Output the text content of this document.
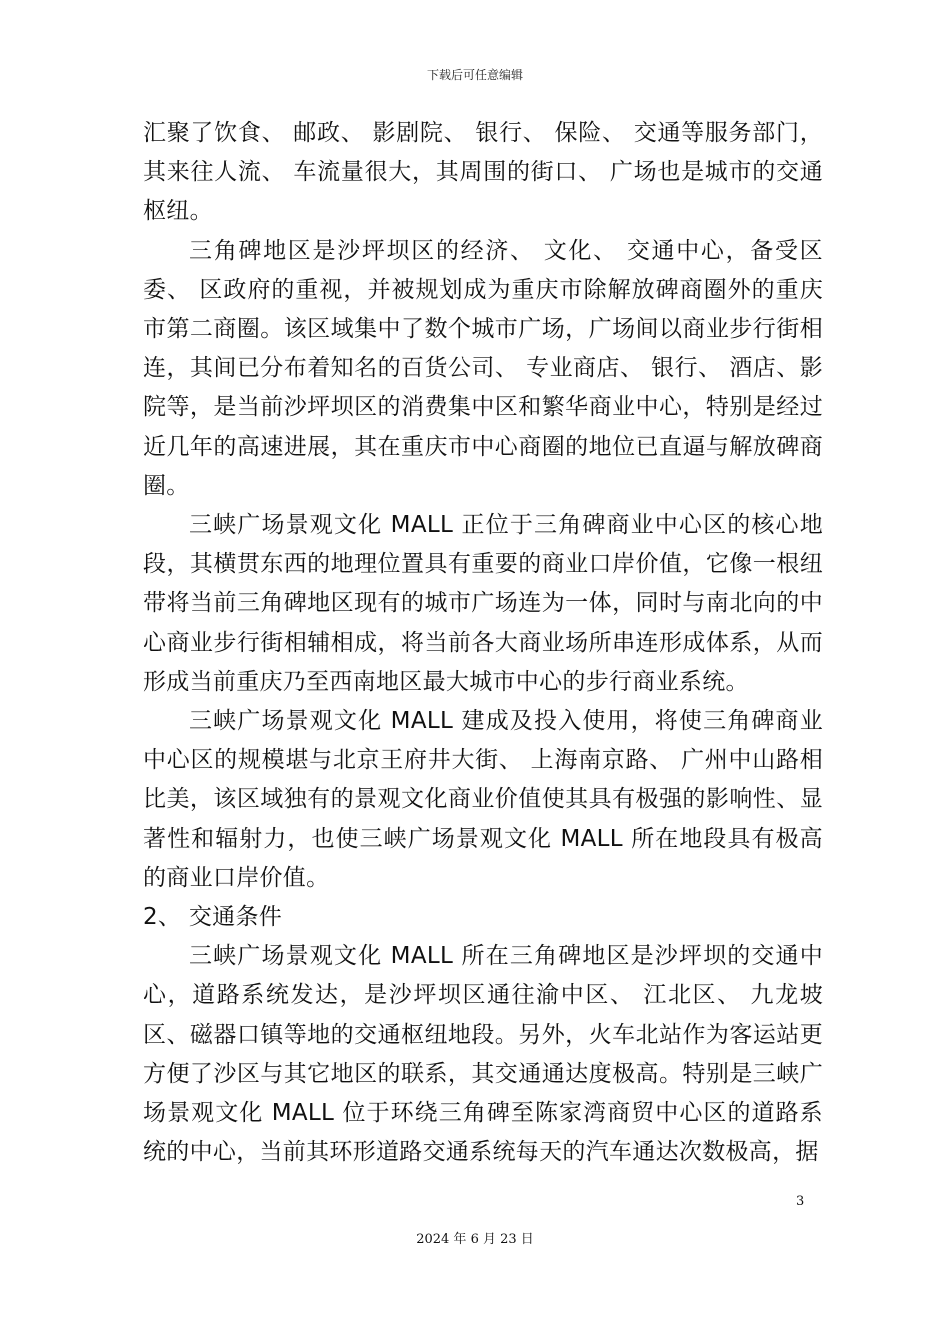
下载后可任意编辑

汇聚了饮食、 邮政、 影剧院、 银行、 保险、 交通等服务部门，其来往人流、 车流量很大，其周围的街口、 广场也是城市的交通枢纽。

三角碑地区是沙坪坝区的经济、 文化、 交通中心，备受区委、 区政府的重视，并被规划成为重庆市除解放碑商圈外的重庆市第二商圈。该区域集中了数个城市广场，广场间以商业步行街相连，其间已分布着知名的百货公司、 专业商店、 银行、 酒店、影院等，是当前沙坪坝区的消费集中区和繁华商业中心，特别是经过近几年的高速进展，其在重庆市中心商圈的地位已直逼与解放碑商圈。

三峡广场景观文化 MALL 正位于三角碑商业中心区的核心地段，其横贯东西的地理位置具有重要的商业口岸价值，它像一根纽带将当前三角碑地区现有的城市广场连为一体，同时与南北向的中心商业步行街相辅相成，将当前各大商业场所串连形成体系，从而形成当前重庆乃至西南地区最大城市中心的步行商业系统。

三峡广场景观文化 MALL 建成及投入使用，将使三角碑商业中心区的规模堪与北京王府井大街、 上海南京路、 广州中山路相比美，该区域独有的景观文化商业价值使其具有极强的影响性、显著性和辐射力，也使三峡广场景观文化 MALL 所在地段具有极高的商业口岸价值。

2、 交通条件

三峡广场景观文化 MALL 所在三角碑地区是沙坪坝的交通中心，道路系统发达，是沙坪坝区通往渝中区、 江北区、 九龙坡区、磁器口镇等地的交通枢纽地段。另外，火车北站作为客运站更方便了沙区与其它地区的联系，其交通通达度极高。特别是三峡广场景观文化 MALL 位于环绕三角碑至陈家湾商贸中心区的道路系统的中心，当前其环形道路交通系统每天的汽车通达次数极高，据

3
2024 年 6 月 23 日
